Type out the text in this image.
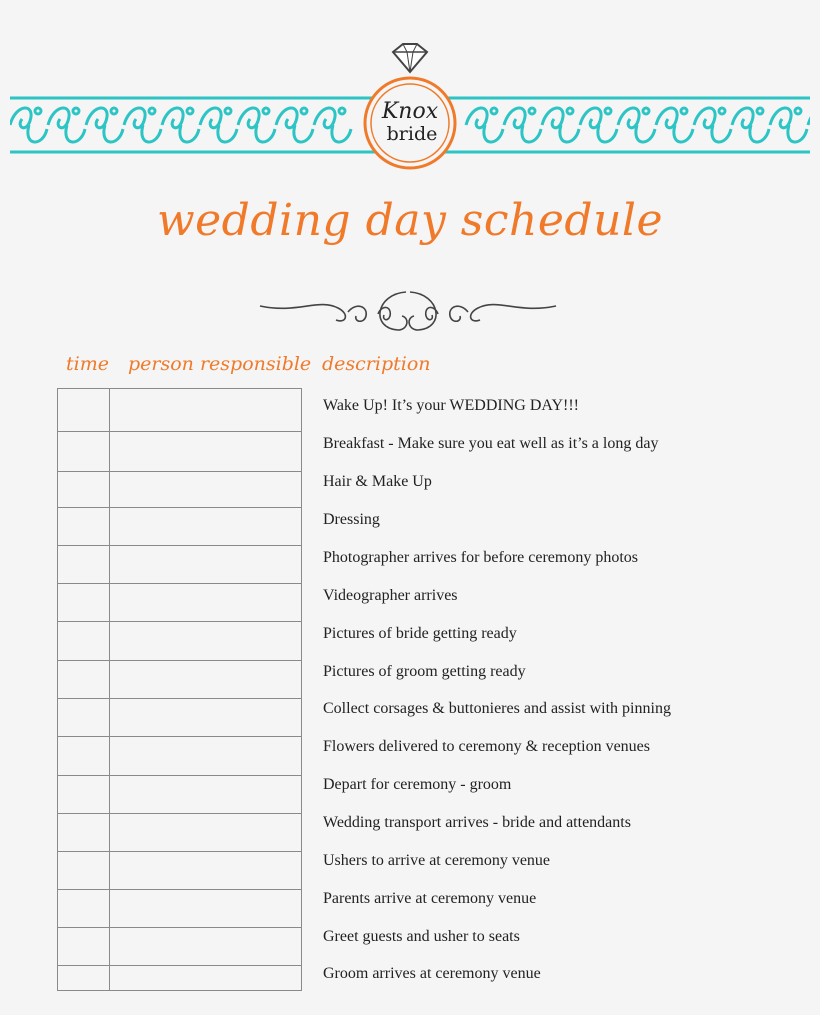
Knox
bride
wedding day schedule
time person responsible description
Wake Up! It’s your WEDDING DAY!!!
Breakfast - Make sure you eat well as it’s a long day
Hair & Make Up
Dressing
Photographer arrives for before ceremony photos
Videographer arrives
Pictures of bride getting ready
Pictures of groom getting ready
Collect corsages & buttonieres and assist with pinning
Flowers delivered to ceremony & reception venues
Depart for ceremony - groom
Wedding transport arrives - bride and attendants
Ushers to arrive at ceremony venue
Parents arrive at ceremony venue
Greet guests and usher to seats
Groom arrives at ceremony venue
